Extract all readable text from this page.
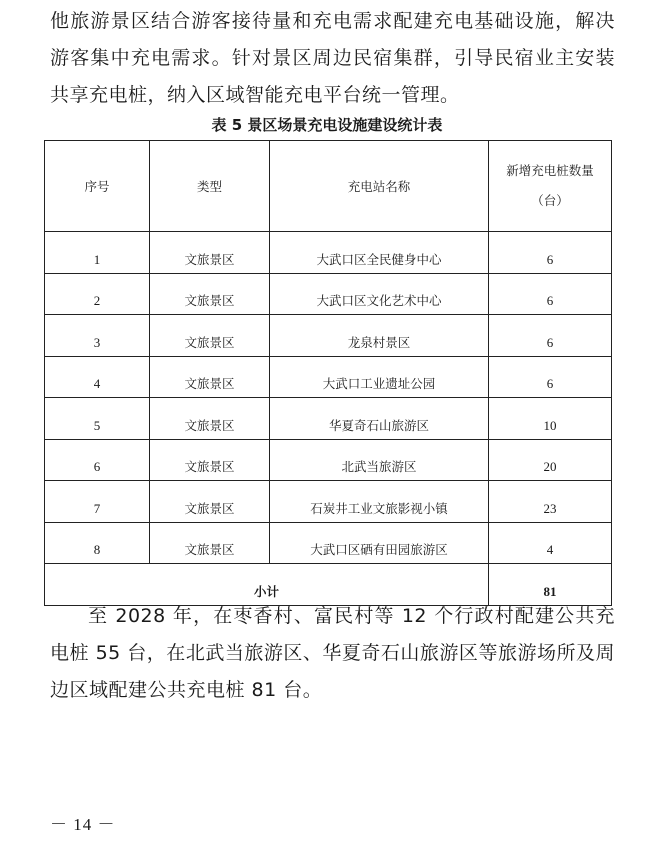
他旅游景区结合游客接待量和充电需求配建充电基础设施，解决游客集中充电需求。针对景区周边民宿集群，引导民宿业主安装共享充电桩，纳入区域智能充电平台统一管理。

表 5 景区场景充电设施建设统计表
序号	类型	充电站名称	新增充电桩数量
（台）

1	文旅景区	大武口区全民健身中心	6
2	文旅景区	大武口区文化艺术中心	6
3	文旅景区	龙泉村景区	6
4	文旅景区	大武口工业遗址公园	6
5	文旅景区	华夏奇石山旅游区	10
6	文旅景区	北武当旅游区	20
7	文旅景区	石炭井工业文旅影视小镇	23
8	文旅景区	大武口区硒有田园旅游区	4
小计			81

至 2028 年，在枣香村、富民村等 12 个行政村配建公共充电桩 55 台，在北武当旅游区、华夏奇石山旅游区等旅游场所及周边区域配建公共充电桩 81 台。

－ 14 －
